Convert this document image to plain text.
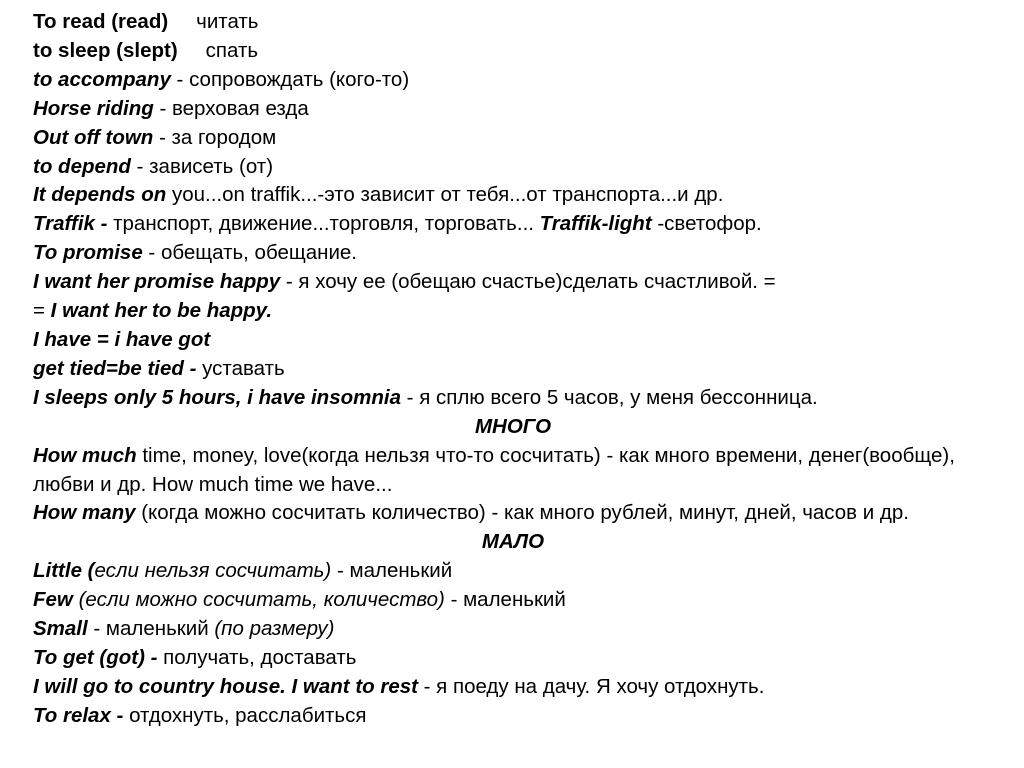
To read (read) читать
to sleep (slept) спать
to accompany - сопровождать (кого-то)
Horse riding - верховая езда
Out off town - за городом
to depend - зависеть (от)
It depends on you...on traffik...-это зависит от тебя...от транспорта...и др.
Traffik - транспорт, движение...торговля, торговать... Traffik-light -светофор.
To promise - обещать, обещание.
I want her promise happy - я хочу ее (обещаю счастье)сделать счастливой. =
= I want her to be happy.
I have = i have got
get tied=be tied - уставать
I sleeps only 5 hours, i have insomnia - я сплю всего 5 часов, у меня бессонница.
МНОГО
How much time, money, love(когда нельзя что-то сосчитать) - как много времени, денег(вообще), любви и др. How much time we have...
How many (когда можно сосчитать количество) - как много рублей, минут, дней, часов и др.
МАЛО
Little (если нельзя сосчитать) - маленький
Few (если можно сосчитать, количество) - маленький
Small - маленький (по размеру)
To get (got) - получать, доставать
I will go to country house. I want to rest - я поеду на дачу. Я хочу отдохнуть.
To relax - отдохнуть, расслабиться
